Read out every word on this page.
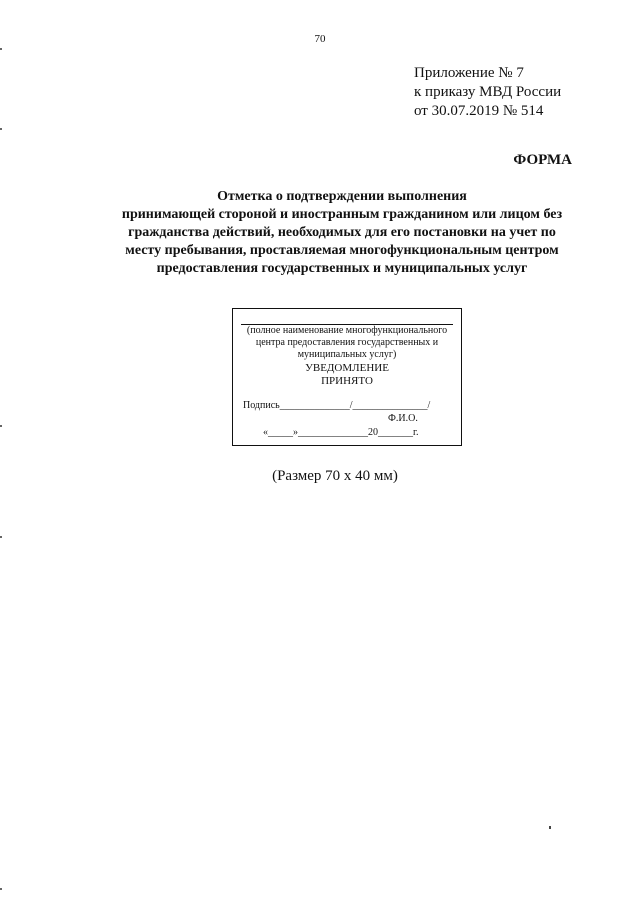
70
Приложение № 7
к приказу МВД России
от 30.07.2019 № 514
ФОРМА
Отметка о подтверждении выполнения
принимающей стороной и иностранным гражданином или лицом без
гражданства действий, необходимых для его постановки на учет по
месту пребывания, проставляемая многофункциональным центром
предоставления государственных и муниципальных услуг
(полное наименование многофункционального
центра предоставления государственных и
муниципальных услуг)
УВЕДОМЛЕНИЕ
ПРИНЯТО
Подпись______________/_______________/
Ф.И.О.
«_____»______________20_______г.
(Размер 70 х 40 мм)
